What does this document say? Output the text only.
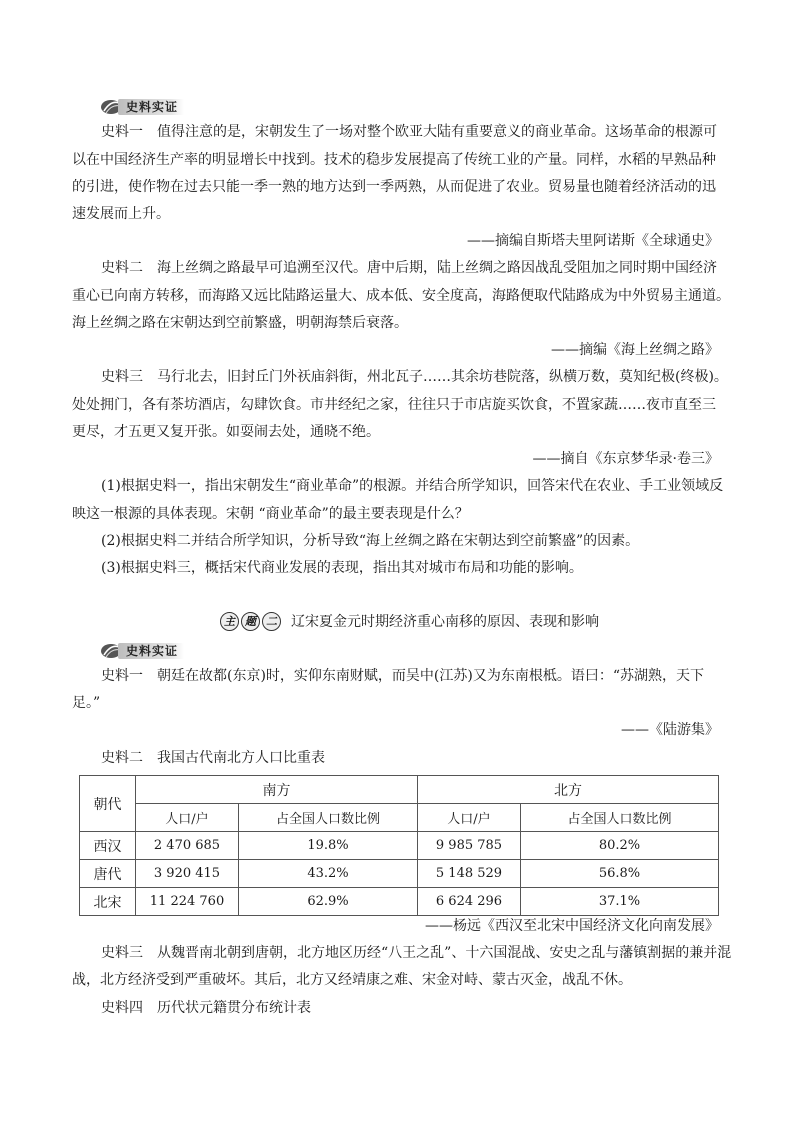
史料实证
史料一　值得注意的是，宋朝发生了一场对整个欧亚大陆有重要意义的商业革命。这场革命的根源可
以在中国经济生产率的明显增长中找到。技术的稳步发展提高了传统工业的产量。同样，水稻的早熟品种
的引进，使作物在过去只能一季一熟的地方达到一季两熟，从而促进了农业。贸易量也随着经济活动的迅
速发展而上升。
——摘编自斯塔夫里阿诺斯《全球通史》
史料二　海上丝绸之路最早可追溯至汉代。唐中后期，陆上丝绸之路因战乱受阻加之同时期中国经济
重心已向南方转移，而海路又远比陆路运量大、成本低、安全度高，海路便取代陆路成为中外贸易主通道。
海上丝绸之路在宋朝达到空前繁盛，明朝海禁后衰落。
——摘编《海上丝绸之路》
史料三　马行北去，旧封丘门外祆庙斜街，州北瓦子……其余坊巷院落，纵横万数，莫知纪极(终极)。
处处拥门，各有茶坊酒店，勾肆饮食。市井经纪之家，往往只于市店旋买饮食，不置家蔬……夜市直至三
更尽，才五更又复开张。如耍闹去处，通晓不绝。
——摘自《东京梦华录·卷三》
(1)根据史料一，指出宋朝发生“商业革命”的根源。并结合所学知识，回答宋代在农业、手工业领域反
映这一根源的具体表现。宋朝 “商业革命”的最主要表现是什么？
(2)根据史料二并结合所学知识，分析导致“海上丝绸之路在宋朝达到空前繁盛”的因素。
(3)根据史料三，概括宋代商业发展的表现，指出其对城市布局和功能的影响。
主 题 二 辽宋夏金元时期经济重心南移的原因、表现和影响
史料实证
史料一　朝廷在故都(东京)时，实仰东南财赋，而吴中(江苏)又为东南根柢。语曰：“苏湖熟，天下
足。”
——《陆游集》
史料二　我国古代南北方人口比重表
朝代	南方		北方	
	人口/户	占全国人口数比例	人口/户	占全国人口数比例
西汉	2 470 685	19.8%	9 985 785	80.2%
唐代	3 920 415	43.2%	5 148 529	56.8%
北宋	11 224 760	62.9%	6 624 296	37.1%
——杨远《西汉至北宋中国经济文化向南发展》
史料三　从魏晋南北朝到唐朝，北方地区历经“八王之乱”、十六国混战、安史之乱与藩镇割据的兼并混
战，北方经济受到严重破坏。其后，北方又经靖康之难、宋金对峙、蒙古灭金，战乱不休。
史料四　历代状元籍贯分布统计表
